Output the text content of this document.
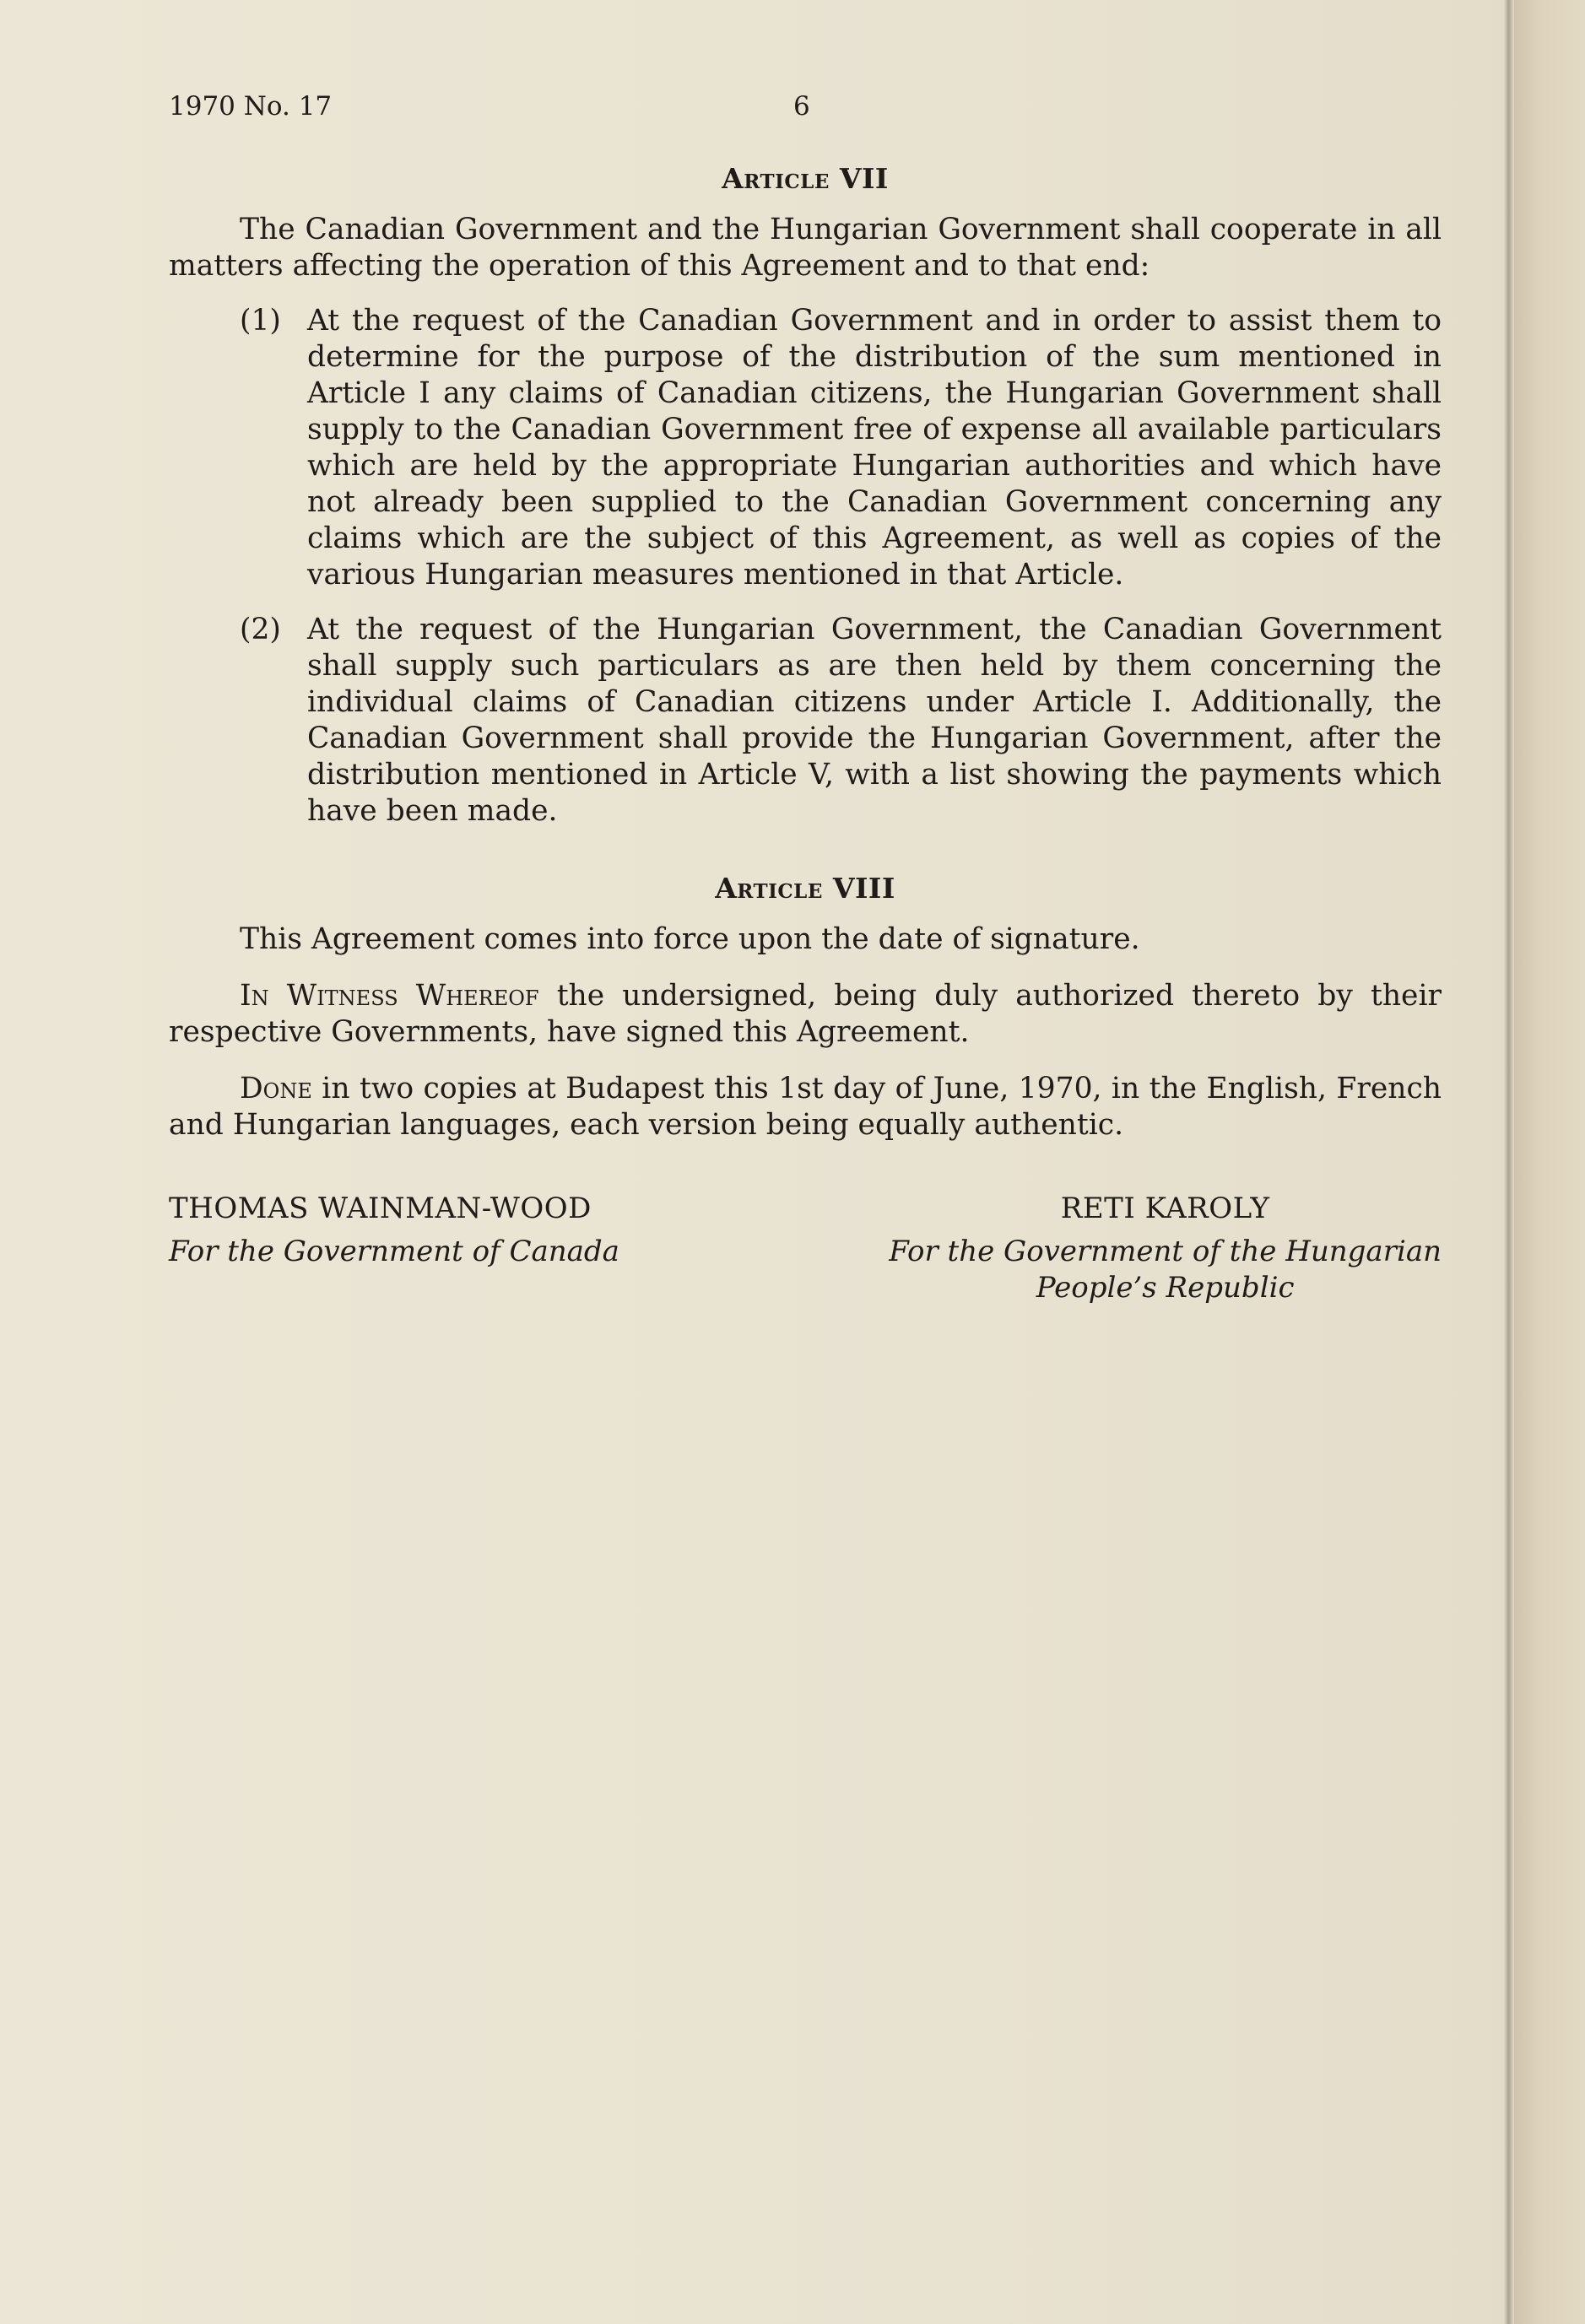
1970 No. 17	6
Article VII

The Canadian Government and the Hungarian Government shall cooperate in all matters affecting the operation of this Agreement and to that end:

(1) At the request of the Canadian Government and in order to assist them to determine for the purpose of the distribution of the sum mentioned in Article I any claims of Canadian citizens, the Hungarian Government shall supply to the Canadian Government free of expense all available particulars which are held by the appropriate Hungarian authorities and which have not already been supplied to the Canadian Government concerning any claims which are the subject of this Agreement, as well as copies of the various Hungarian measures mentioned in that Article.
(2) At the request of the Hungarian Government, the Canadian Government shall supply such particulars as are then held by them concerning the individual claims of Canadian citizens under Article I. Additionally, the Canadian Government shall provide the Hungarian Government, after the distribution mentioned in Article V, with a list showing the payments which have been made.
Article VIII

This Agreement comes into force upon the date of signature.

In Witness Whereof the undersigned, being duly authorized thereto by their respective Governments, have signed this Agreement.

Done in two copies at Budapest this 1st day of June, 1970, in the English, French and Hungarian languages, each version being equally authentic.

THOMAS WAINMAN-WOOD
For the Government of Canada
RETI KAROLY
For the Government of the Hungarian
People’s Republic
